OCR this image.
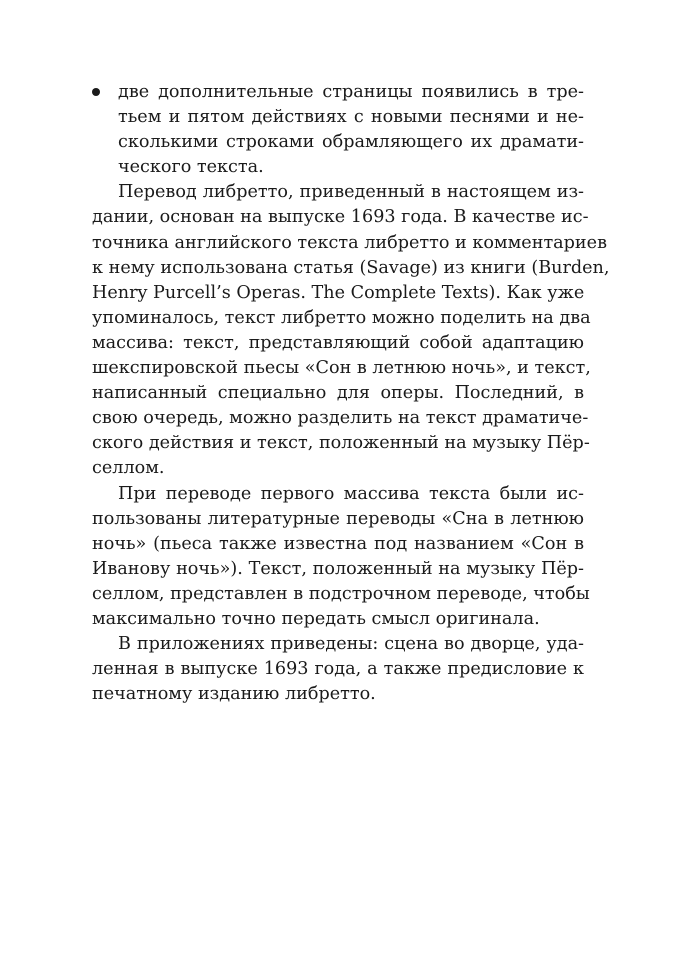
две дополнительные страницы появились в тре-
тьем и пятом действиях с новыми песнями и не-
сколькими строками обрамляющего их драмати-
ческого текста.
Перевод либретто, приведенный в настоящем из-
дании, основан на выпуске 1693 года. В качестве ис-
точника английского текста либретто и комментариев
к нему использована статья (Savage) из книги (Burden,
Henry Purcell’s Operas. The Complete Texts). Как уже
упоминалось, текст либретто можно поделить на два
массива: текст, представляющий собой адаптацию
шекспировской пьесы «Сон в летнюю ночь», и текст,
написанный специально для оперы. Последний, в
свою очередь, можно разделить на текст драматиче-
ского действия и текст, положенный на музыку Пёр-
селлом.
При переводе первого массива текста были ис-
пользованы литературные переводы «Сна в летнюю
ночь» (пьеса также известна под названием «Сон в
Иванову ночь»). Текст, положенный на музыку Пёр-
селлом, представлен в подстрочном переводе, чтобы
максимально точно передать смысл оригинала.
В приложениях приведены: сцена во дворце, уда-
ленная в выпуске 1693 года, а также предисловие к
печатному изданию либретто.
